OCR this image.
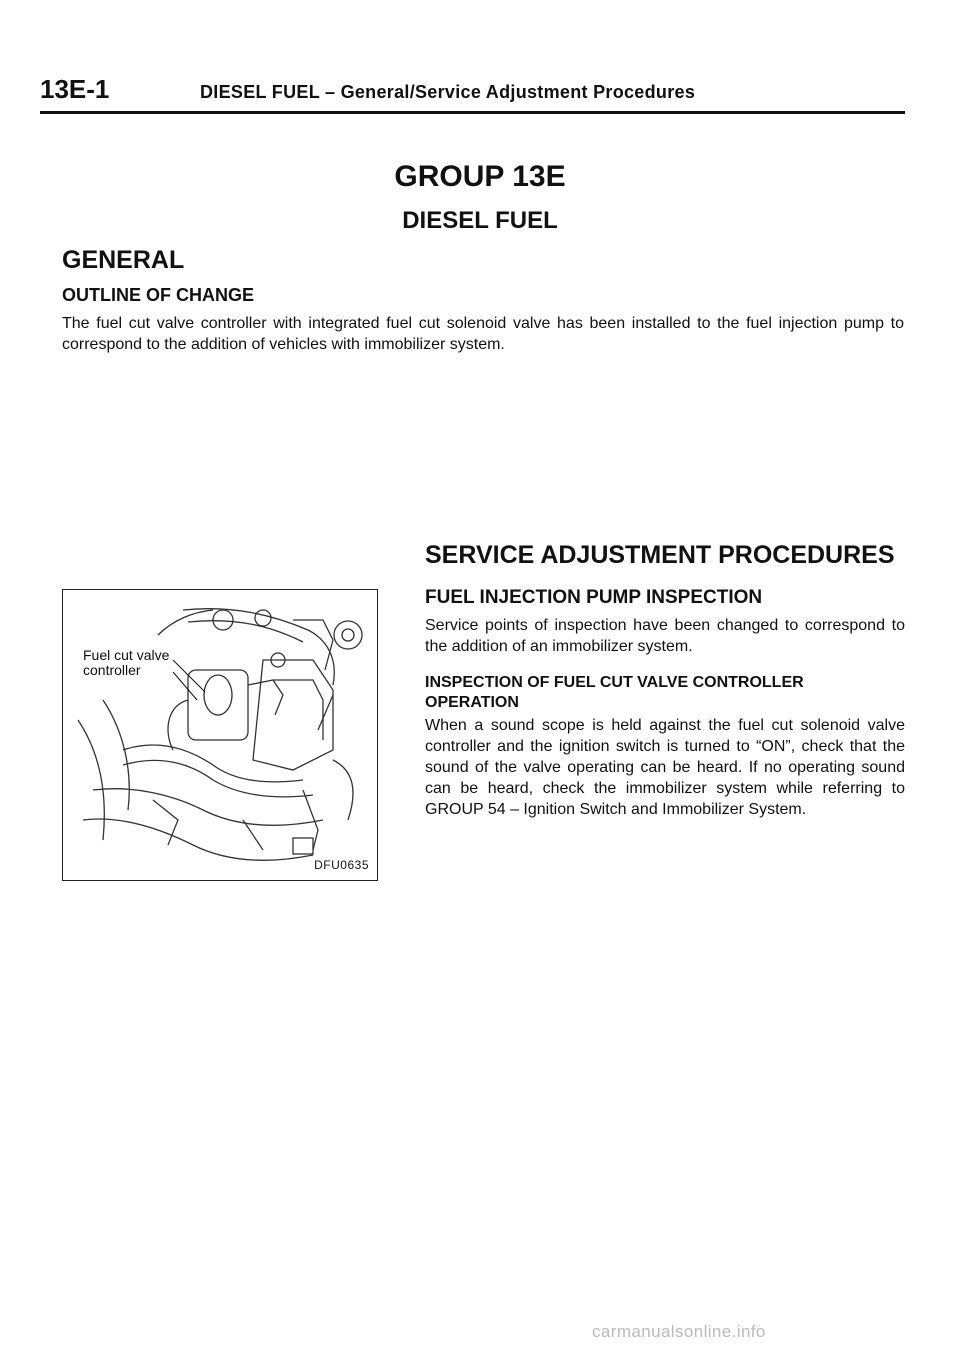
13E-1	DIESEL FUEL – General/Service Adjustment Procedures
GROUP 13E
DIESEL FUEL
GENERAL
OUTLINE OF CHANGE
The fuel cut valve controller with integrated fuel cut solenoid valve has been installed to the fuel injection pump to correspond to the addition of vehicles with immobilizer system.
Fuel cut valve
controller
DFU0635
SERVICE ADJUSTMENT PROCEDURES
FUEL INJECTION PUMP INSPECTION
Service points of inspection have been changed to correspond to the addition of an immobilizer system.
INSPECTION OF FUEL CUT VALVE CONTROLLER OPERATION
When a sound scope is held against the fuel cut solenoid valve controller and the ignition switch is turned to “ON”, check that the sound of the valve operating can be heard. If no operating sound can be heard, check the immobilizer system while referring to GROUP 54 – Ignition Switch and Immobilizer System.
carmanualsonline.info
